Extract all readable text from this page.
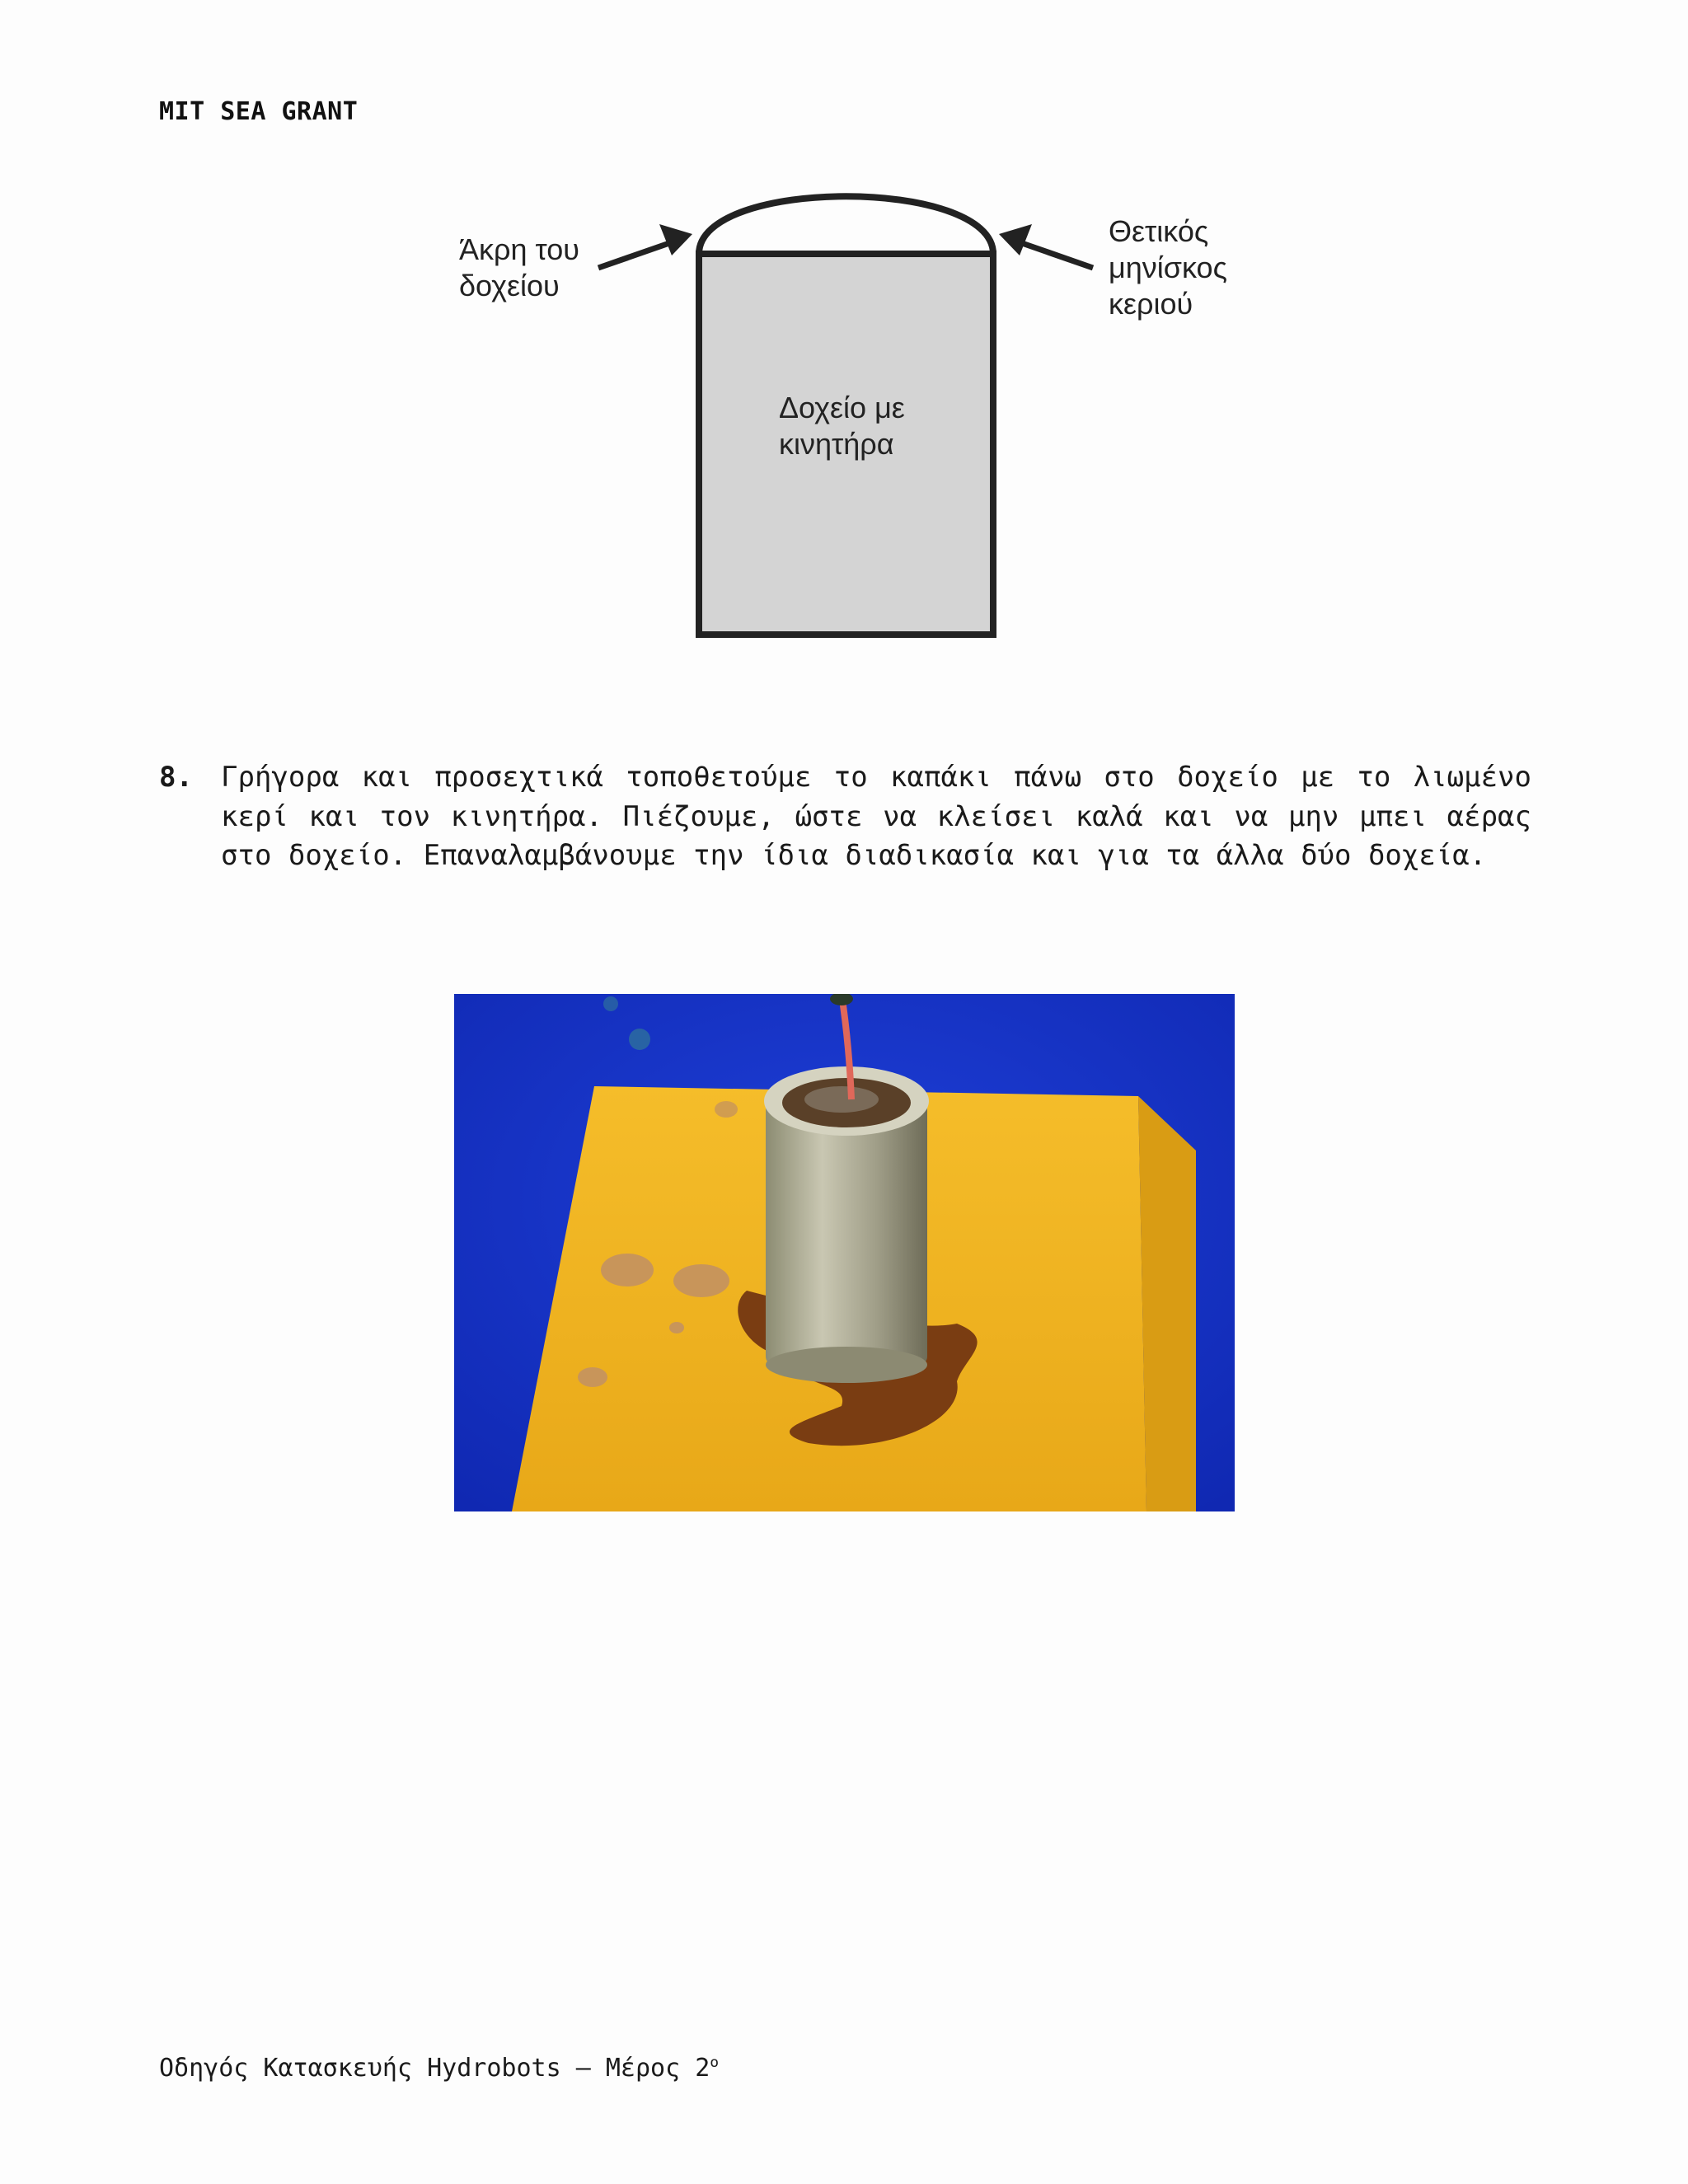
MIT SEA GRANT
Άκρη του
δοχείου
Θετικός
μηνίσκος
κεριού
Δοχείο με
κινητήρα
8. Γρήγορα και προσεχτικά τοποθετούμε το καπάκι πάνω στο δοχείο με το λιωμένο κερί και τον κινητήρα. Πιέζουμε, ώστε να κλείσει καλά και να μην μπει αέρας στο δοχείο. Επαναλαμβάνουμε την ίδια διαδικασία και για τα άλλα δύο δοχεία.
Οδηγός Κατασκευής Hydrobots – Μέρος $2^o$
